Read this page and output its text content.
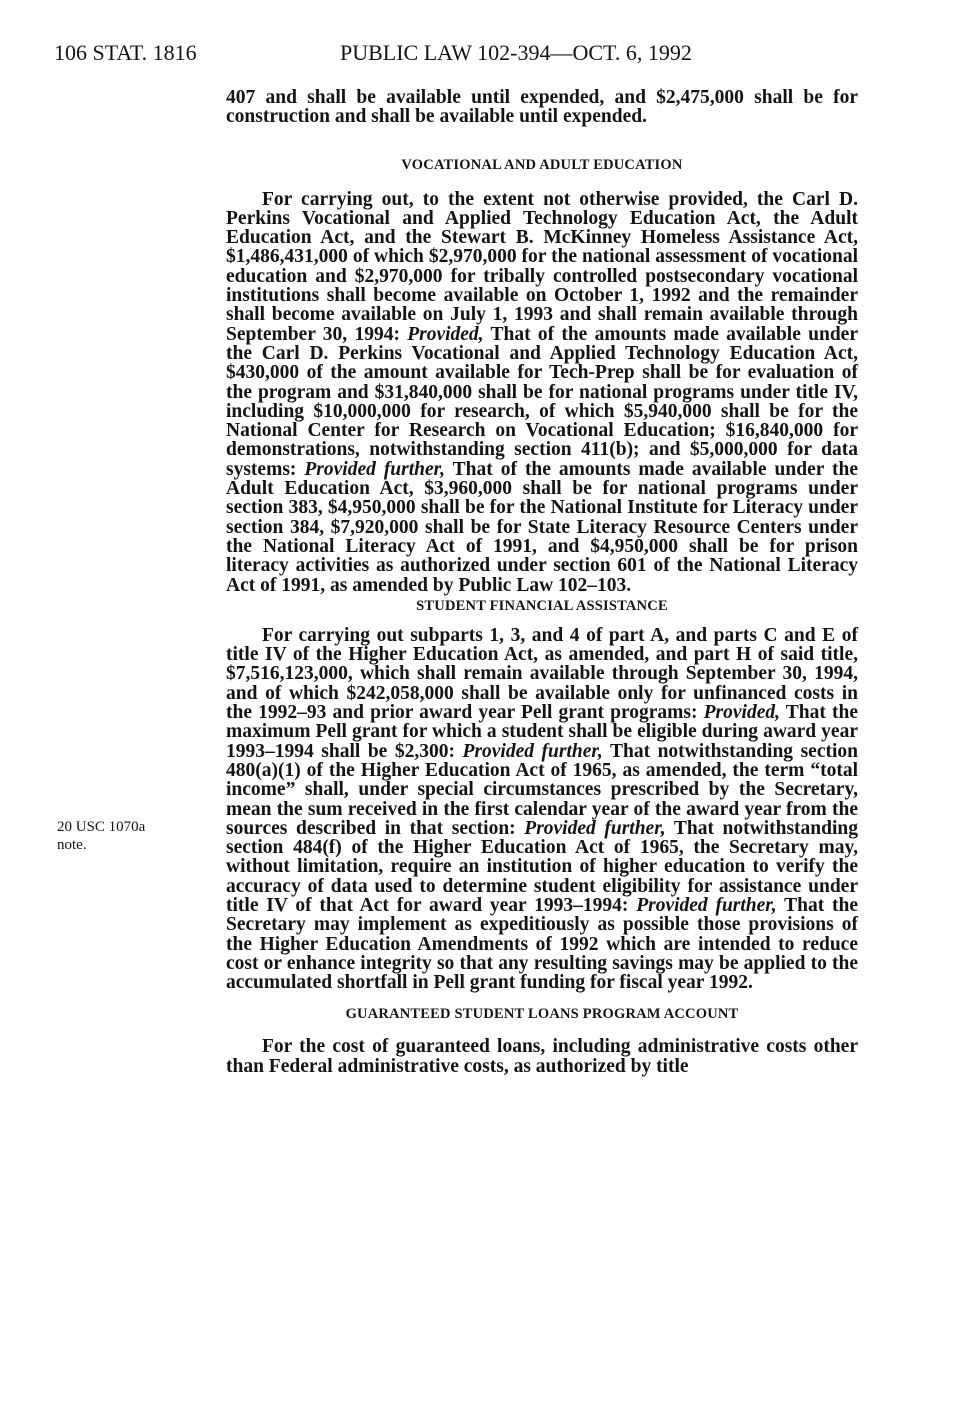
106 STAT. 1816	PUBLIC LAW 102-394—OCT. 6, 1992
20 USC 1070a
note.

407 and shall be available until expended, and $2,475,000 shall be for construction and shall be available until expended.

VOCATIONAL AND ADULT EDUCATION

For carrying out, to the extent not otherwise provided, the Carl D. Perkins Vocational and Applied Technology Education Act, the Adult Education Act, and the Stewart B. McKinney Homeless Assistance Act, $1,486,431,000 of which $2,970,000 for the national assessment of vocational education and $2,970,000 for tribally controlled postsecondary vocational institutions shall become available on October 1, 1992 and the remainder shall become available on July 1, 1993 and shall remain available through September 30, 1994: Provided, That of the amounts made available under the Carl D. Perkins Vocational and Applied Technology Education Act, $430,000 of the amount available for Tech-Prep shall be for evaluation of the program and $31,840,000 shall be for national programs under title IV, including $10,000,000 for research, of which $5,940,000 shall be for the National Center for Research on Vocational Education; $16,840,000 for demonstrations, notwithstanding section 411(b); and $5,000,000 for data systems: Provided further, That of the amounts made available under the Adult Education Act, $3,960,000 shall be for national programs under section 383, $4,950,000 shall be for the National Institute for Literacy under section 384, $7,920,000 shall be for State Literacy Resource Centers under the National Literacy Act of 1991, and $4,950,000 shall be for prison literacy activities as authorized under section 601 of the National Literacy Act of 1991, as amended by Public Law 102–103.

STUDENT FINANCIAL ASSISTANCE

For carrying out subparts 1, 3, and 4 of part A, and parts C and E of title IV of the Higher Education Act, as amended, and part H of said title, $7,516,123,000, which shall remain available through September 30, 1994, and of which $242,058,000 shall be available only for unfinanced costs in the 1992–93 and prior award year Pell grant programs: Provided, That the maximum Pell grant for which a student shall be eligible during award year 1993–1994 shall be $2,300: Provided further, That notwithstanding section 480(a)(1) of the Higher Education Act of 1965, as amended, the term “total income” shall, under special circumstances prescribed by the Secretary, mean the sum received in the first calendar year of the award year from the sources described in that section: Provided further, That notwithstanding section 484(f) of the Higher Education Act of 1965, the Secretary may, without limitation, require an institution of higher education to verify the accuracy of data used to determine student eligibility for assistance under title IV of that Act for award year 1993–1994: Provided further, That the Secretary may implement as expeditiously as possible those provisions of the Higher Education Amendments of 1992 which are intended to reduce cost or enhance integrity so that any resulting savings may be applied to the accumulated shortfall in Pell grant funding for fiscal year 1992.

GUARANTEED STUDENT LOANS PROGRAM ACCOUNT

For the cost of guaranteed loans, including administrative costs other than Federal administrative costs, as authorized by title
